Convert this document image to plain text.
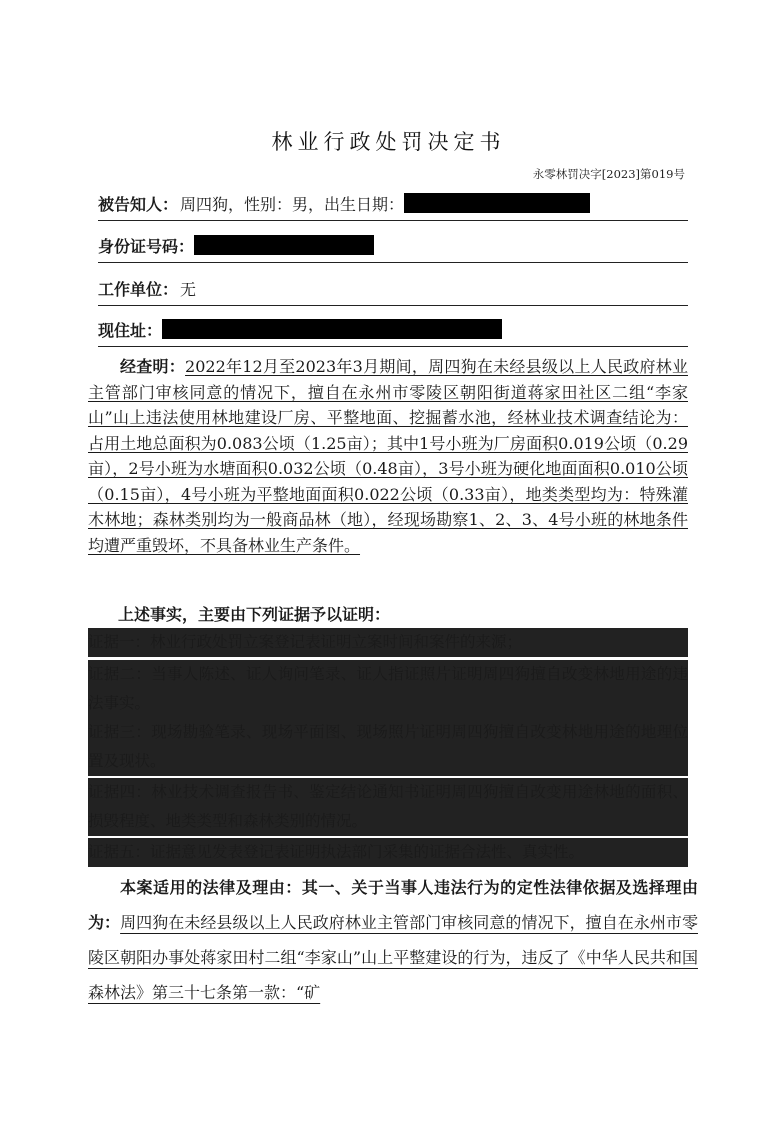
林业行政处罚决定书
永零林罚决字[2023]第019号
被告知人： 周四狗，性别：男，出生日期：
身份证号码：
工作单位： 无
现住址：
经查明：2022年12月至2023年3月期间，周四狗在未经县级以上人民政府林业主管部门审核同意的情况下，擅自在永州市零陵区朝阳街道蒋家田社区二组“李家山”山上违法使用林地建设厂房、平整地面、挖掘蓄水池，经林业技术调查结论为：占用土地总面积为0.083公顷（1.25亩）；其中1号小班为厂房面积0.019公顷（0.29亩），2号小班为水塘面积0.032公顷（0.48亩），3号小班为硬化地面面积0.010公顷（0.15亩），4号小班为平整地面面积0.022公顷（0.33亩），地类类型均为：特殊灌木林地；森林类别均为一般商品林（地），经现场勘察1、2、3、4号小班的林地条件均遭严重毁坏，不具备林业生产条件。
上述事实，主要由下列证据予以证明：
证据一：林业行政处罚立案登记表证明立案时间和案件的来源；
证据二：当事人陈述、证人询问笔录、证人指证照片证明周四狗擅自改变林地用途的违法事实。
证据三：现场勘验笔录、现场平面图、现场照片证明周四狗擅自改变林地用途的地理位置及现状。
证据四：林业技术调查报告书、鉴定结论通知书证明周四狗擅自改变用途林地的面积、损毁程度、地类类型和森林类别的情况。
证据五：证据意见发表登记表证明执法部门采集的证据合法性、真实性。
本案适用的法律及理由：其一、关于当事人违法行为的定性法律依据及选择理由为：周四狗在未经县级以上人民政府林业主管部门审核同意的情况下，擅自在永州市零陵区朝阳办事处蒋家田村二组“李家山”山上平整建设的行为，违反了《中华人民共和国森林法》第三十七条第一款：“矿
